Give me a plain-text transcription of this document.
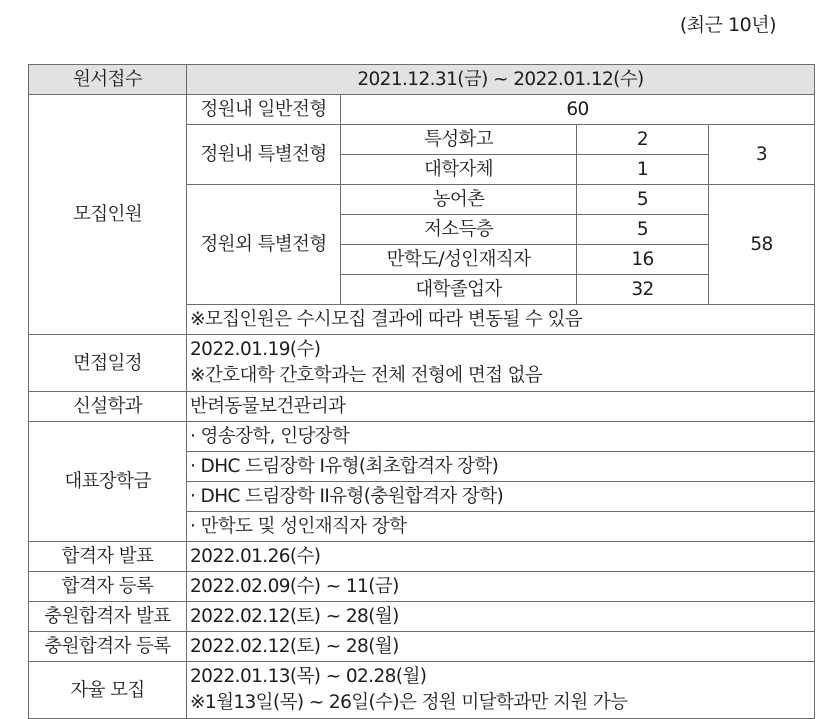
(최근 10년)
원서접수	2021.12.31(금) ~ 2022.01.12(수)			
모집인원	정원내 일반전형	60		
	정원내 특별전형	특성화고	2	3
		대학자체	1	
	정원외 특별전형	농어촌	5	58
		저소득층	5	
		만학도/성인재직자	16	
		대학졸업자	32	
	※모집인원은 수시모집 결과에 따라 변동될 수 있음			
면접일정	2022.01.19(수)
※간호대학 간호학과는 전체 전형에 면접 없음			

신설학과	반려동물보건관리과			
대표장학금	· 영송장학, 인당장학			
	· DHC 드림장학 I유형(최초합격자 장학)			
	· DHC 드림장학 II유형(충원합격자 장학)			
	· 만학도 및 성인재직자 장학			
합격자 발표	2022.01.26(수)			
합격자 등록	2022.02.09(수) ~ 11(금)			
충원합격자 발표	2022.02.12(토) ~ 28(월)			
충원합격자 등록	2022.02.12(토) ~ 28(월)			
자율 모집	2022.01.13(목) ~ 02.28(월)
※1월13일(목) ~ 26일(수)은 정원 미달학과만 지원 가능			
